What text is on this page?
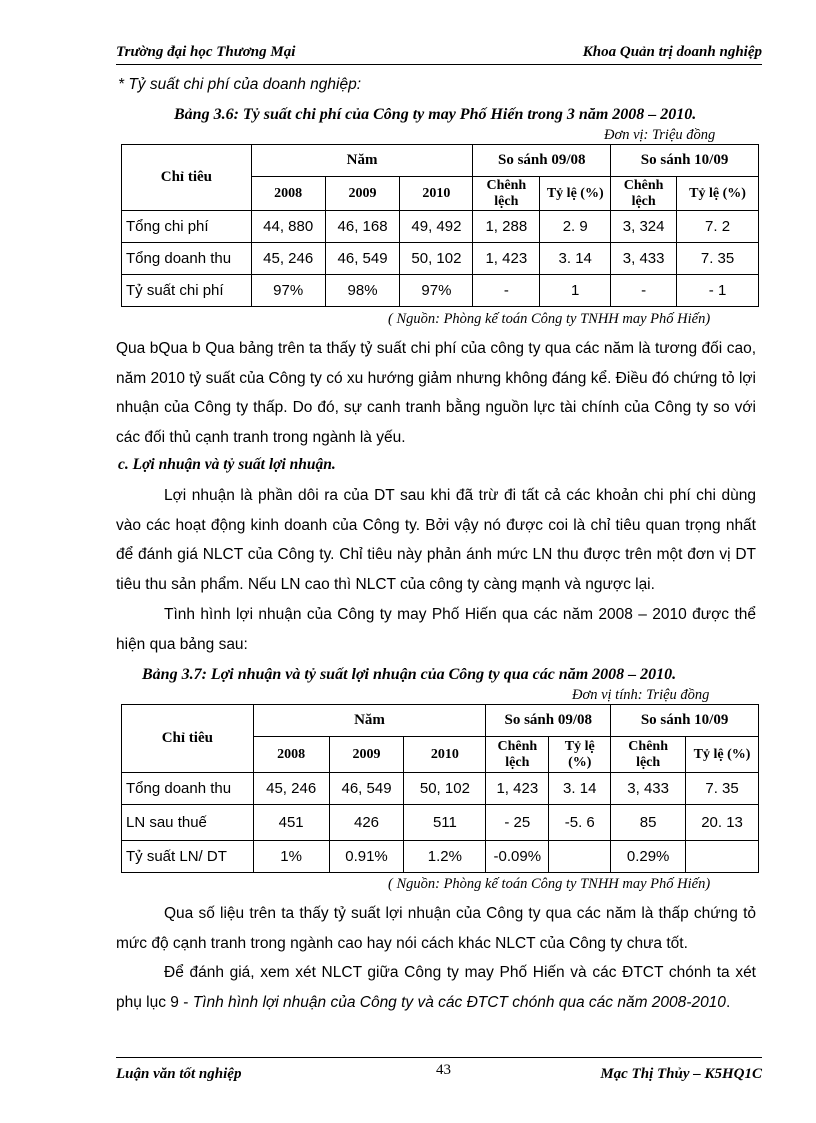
Trường đại học Thương Mại	Khoa Quản trị doanh nghiệp
* Tỷ suất chi phí của doanh nghiệp:
Bảng 3.6: Tỷ suất chi phí của Công ty may Phố Hiến trong 3 năm 2008 – 2010.
Đơn vị: Triệu đồng
Chỉ tiêu	Năm			So sánh 09/08		So sánh 10/09	
	2008	2009	2010	Chênh lệch	Tỷ lệ (%)	Chênh lệch	Tỷ lệ (%)
Tổng chi phí	44, 880	46, 168	49, 492	1, 288	2. 9	3, 324	7. 2
Tổng doanh thu	45, 246	46, 549	50, 102	1, 423	3. 14	3, 433	7. 35
Tỷ suất chi phí	97%	98%	97%	-	1	-	- 1
( Nguồn: Phòng kế toán Công ty TNHH may Phố Hiến)
Qua bQua b Qua bảng trên ta thấy tỷ suất chi phí của công ty qua các năm là tương đối cao, năm 2010 tỷ suất của Công ty có xu hướng giảm nhưng không đáng kể. Điều đó chứng tỏ lợi nhuận của Công ty thấp. Do đó, sự canh tranh bằng nguồn lực tài chính của Công ty so với các đối thủ cạnh tranh trong ngành là yếu.
c. Lợi nhuận và tỷ suất lợi nhuận.
Lợi nhuận là phần dôi ra của DT sau khi đã trừ đi tất cả các khoản chi phí chi dùng vào các hoạt động kinh doanh của Công ty. Bởi vậy nó được coi là chỉ tiêu quan trọng nhất để đánh giá NLCT của Công ty. Chỉ tiêu này phản ánh mức LN thu được trên một đơn vị DT tiêu thu sản phẩm. Nếu LN cao thì NLCT của công ty càng mạnh và ngược lại.
Tình hình lợi nhuận của Công ty may Phố Hiến qua các năm 2008 – 2010 được thể hiện qua bảng sau:
Bảng 3.7: Lợi nhuận và tỷ suất lợi nhuận của Công ty qua các năm 2008 – 2010.
Đơn vị tính: Triệu đồng
Chỉ tiêu	Năm			So sánh 09/08		So sánh 10/09	
	2008	2009	2010	Chênh lệch	Tỷ lệ (%)	Chênh lệch	Tỷ lệ (%)
Tổng doanh thu	45, 246	46, 549	50, 102	1, 423	3. 14	3, 433	7. 35
LN sau thuế	451	426	511	- 25	-5. 6	85	20. 13
Tỷ suất LN/ DT	1%	0.91%	1.2%	-0.09%		0.29%	
( Nguồn: Phòng kế toán Công ty TNHH may Phố Hiến)
Qua số liệu trên ta thấy tỷ suất lợi nhuận của Công ty qua các năm là thấp chứng tỏ mức độ cạnh tranh trong ngành cao hay nói cách khác NLCT của Công ty chưa tốt.
Để đánh giá, xem xét NLCT giữa Công ty may Phố Hiến và các ĐTCT chónh ta xét phụ lục 9 - Tình hình lợi nhuận của Công ty và các ĐTCT chónh qua các năm 2008-2010.
Luận văn tốt nghiệp	43	Mạc Thị Thủy – K5HQ1C
